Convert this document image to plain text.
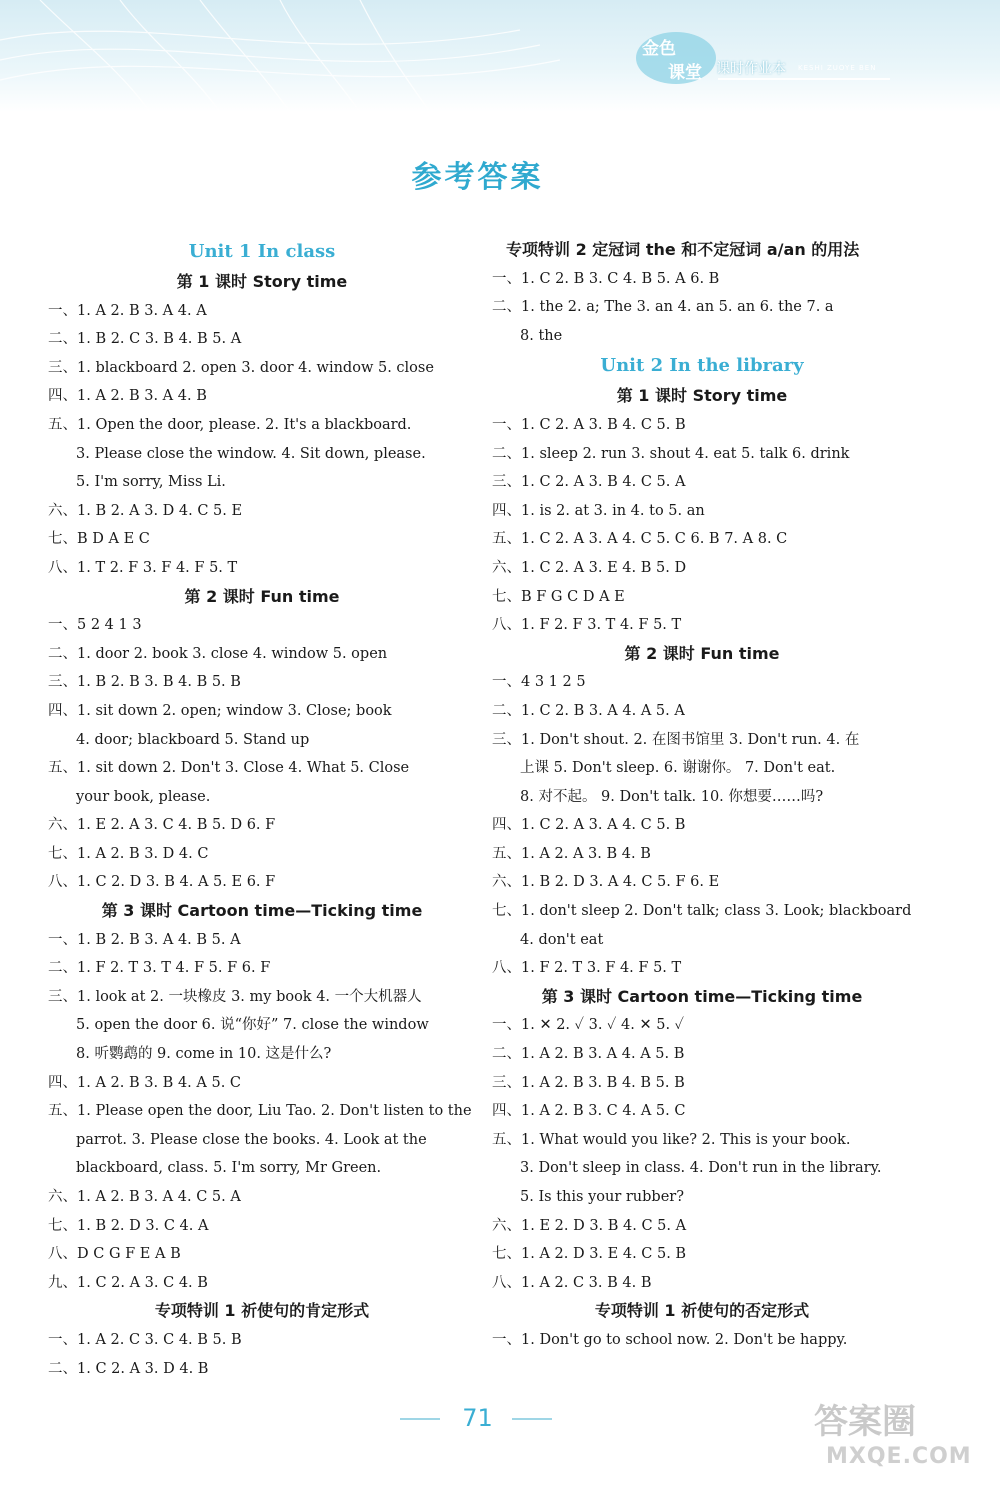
金色
课堂 课时作业本 KESHI ZUOYE BEN
参考答案
Unit 1 In class
第 1 课时 Story time
一、1. A 2. B 3. A 4. A
二、1. B 2. C 3. B 4. B 5. A
三、1. blackboard 2. open 3. door 4. window 5. close
四、1. A 2. B 3. A 4. B
五、1. Open the door, please. 2. It's a blackboard.
3. Please close the window. 4. Sit down, please.
5. I'm sorry, Miss Li.
六、1. B 2. A 3. D 4. C 5. E
七、B D A E C
八、1. T 2. F 3. F 4. F 5. T
第 2 课时 Fun time
一、5 2 4 1 3
二、1. door 2. book 3. close 4. window 5. open
三、1. B 2. B 3. B 4. B 5. B
四、1. sit down 2. open; window 3. Close; book
4. door; blackboard 5. Stand up
五、1. sit down 2. Don't 3. Close 4. What 5. Close
your book, please.
六、1. E 2. A 3. C 4. B 5. D 6. F
七、1. A 2. B 3. D 4. C
八、1. C 2. D 3. B 4. A 5. E 6. F
第 3 课时 Cartoon time—Ticking time
一、1. B 2. B 3. A 4. B 5. A
二、1. F 2. T 3. T 4. F 5. F 6. F
三、1. look at 2. 一块橡皮 3. my book 4. 一个大机器人
5. open the door 6. 说“你好” 7. close the window
8. 听鹦鹉的 9. come in 10. 这是什么?
四、1. A 2. B 3. B 4. A 5. C
五、1. Please open the door, Liu Tao. 2. Don't listen to the
parrot. 3. Please close the books. 4. Look at the
blackboard, class. 5. I'm sorry, Mr Green.
六、1. A 2. B 3. A 4. C 5. A
七、1. B 2. D 3. C 4. A
八、D C G F E A B
九、1. C 2. A 3. C 4. B
专项特训 1 祈使句的肯定形式
一、1. A 2. C 3. C 4. B 5. B
二、1. C 2. A 3. D 4. B
专项特训 2 定冠词 the 和不定冠词 a/an 的用法
一、1. C 2. B 3. C 4. B 5. A 6. B
二、1. the 2. a; The 3. an 4. an 5. an 6. the 7. a
8. the
Unit 2 In the library
第 1 课时 Story time
一、1. C 2. A 3. B 4. C 5. B
二、1. sleep 2. run 3. shout 4. eat 5. talk 6. drink
三、1. C 2. A 3. B 4. C 5. A
四、1. is 2. at 3. in 4. to 5. an
五、1. C 2. A 3. A 4. C 5. C 6. B 7. A 8. C
六、1. C 2. A 3. E 4. B 5. D
七、B F G C D A E
八、1. F 2. F 3. T 4. F 5. T
第 2 课时 Fun time
一、4 3 1 2 5
二、1. C 2. B 3. A 4. A 5. A
三、1. Don't shout. 2. 在图书馆里 3. Don't run. 4. 在
上课 5. Don't sleep. 6. 谢谢你。 7. Don't eat.
8. 对不起。 9. Don't talk. 10. 你想要……吗?
四、1. C 2. A 3. A 4. C 5. B
五、1. A 2. A 3. B 4. B
六、1. B 2. D 3. A 4. C 5. F 6. E
七、1. don't sleep 2. Don't talk; class 3. Look; blackboard
4. don't eat
八、1. F 2. T 3. F 4. F 5. T
第 3 课时 Cartoon time—Ticking time
一、1. ✕ 2. ✓ 3. ✓ 4. ✕ 5. ✓
二、1. A 2. B 3. A 4. A 5. B
三、1. A 2. B 3. B 4. B 5. B
四、1. A 2. B 3. C 4. A 5. C
五、1. What would you like? 2. This is your book.
3. Don't sleep in class. 4. Don't run in the library.
5. Is this your rubber?
六、1. E 2. D 3. B 4. C 5. A
七、1. A 2. D 3. E 4. C 5. B
八、1. A 2. C 3. B 4. B
专项特训 1 祈使句的否定形式
一、1. Don't go to school now. 2. Don't be happy.
71	答案圈
MXQE.COM
